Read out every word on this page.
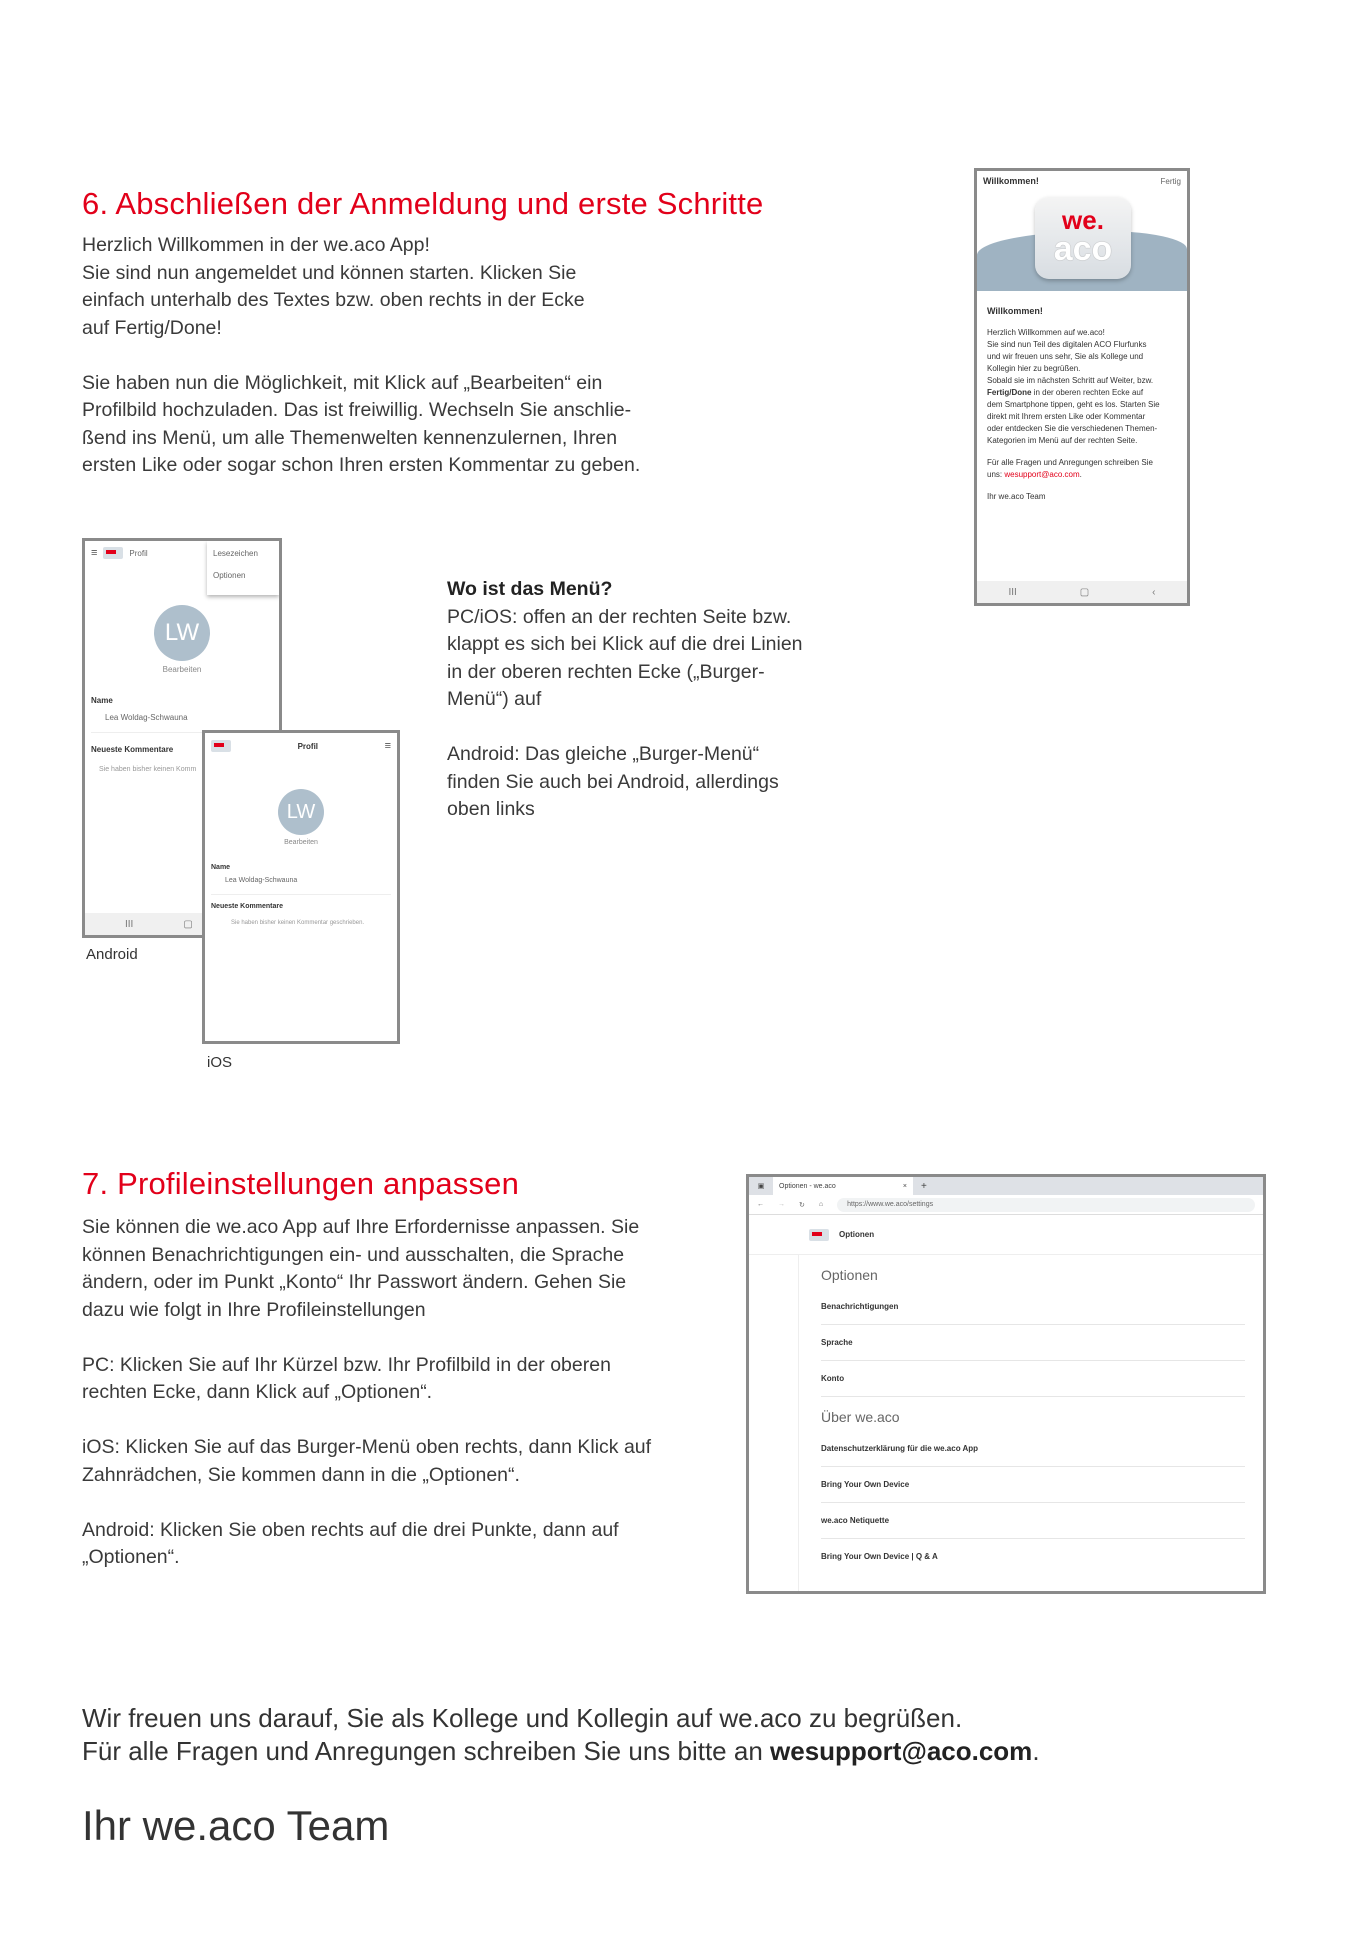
6. Abschließen der Anmeldung und erste Schritte

Herzlich Willkommen in der we.aco App!

Sie sind nun angemeldet und können starten. Klicken Sie

einfach unterhalb des Textes bzw. oben rechts in der Ecke

auf Fertig/Done!

Sie haben nun die Möglichkeit, mit Klick auf „Bearbeiten“ ein

Profilbild hochzuladen. Das ist freiwillig. Wechseln Sie anschlie-

ßend ins Menü, um alle Themenwelten kennenzulernen, Ihren

ersten Like oder sogar schon Ihren ersten Kommentar zu geben.

Willkommen!	Fertig
we.
aco
Willkommen!
Herzlich Willkommen auf we.aco!
Sie sind nun Teil des digitalen ACO Flurfunks
und wir freuen uns sehr, Sie als Kollege und
Kollegin hier zu begrüßen.
Sobald sie im nächsten Schritt auf Weiter, bzw.
Fertig/Done in der oberen rechten Ecke auf
dem Smartphone tippen, geht es los. Starten Sie
direkt mit Ihrem ersten Like oder Kommentar
oder entdecken Sie die verschiedenen Themen-
Kategorien im Menü auf der rechten Seite.
Für alle Fragen und Anregungen schreiben Sie
uns: wesupport@aco.com.
Ihr we.aco Team
III	▢	‹
≡	Profil	Lesezeichen
Optionen
LW
Bearbeiten
Name
Lea Woldag-Schwauna
Neueste Kommentare
Sie haben bisher keinen Komm
III	▢
Android
Profil	≡
LW
Bearbeiten
Name
Lea Woldag-Schwauna
Neueste Kommentare
Sie haben bisher keinen Kommentar geschrieben.
iOS

Wo ist das Menü?

PC/iOS: offen an der rechten Seite bzw.

klappt es sich bei Klick auf die drei Linien

in der oberen rechten Ecke („Burger-

Menü“) auf

Android: Das gleiche „Burger-Menü“

finden Sie auch bei Android, allerdings

oben links

7. Profileinstellungen anpassen

Sie können die we.aco App auf Ihre Erfordernisse anpassen. Sie

können Benachrichtigungen ein- und ausschalten, die Sprache

ändern, oder im Punkt „Konto“ Ihr Passwort ändern. Gehen Sie

dazu wie folgt in Ihre Profileinstellungen

PC: Klicken Sie auf Ihr Kürzel bzw. Ihr Profilbild in der oberen

rechten Ecke, dann Klick auf „Optionen“.

iOS: Klicken Sie auf das Burger-Menü oben rechts, dann Klick auf

Zahnrädchen, Sie kommen dann in die „Optionen“.

Android: Klicken Sie oben rechts auf die drei Punkte, dann auf

„Optionen“.

▣	Optionen - we.aco	×	+
← → ↻ ⌂	https://www.we.aco/settings
Optionen
Optionen
Benachrichtigungen
Sprache
Konto
Über we.aco
Datenschutzerklärung für die we.aco App
Bring Your Own Device
we.aco Netiquette
Bring Your Own Device | Q & A
Wir freuen uns darauf, Sie als Kollege und Kollegin auf we.aco zu begrüßen.
Für alle Fragen und Anregungen schreiben Sie uns bitte an wesupport@aco.com.
Ihr we.aco Team
